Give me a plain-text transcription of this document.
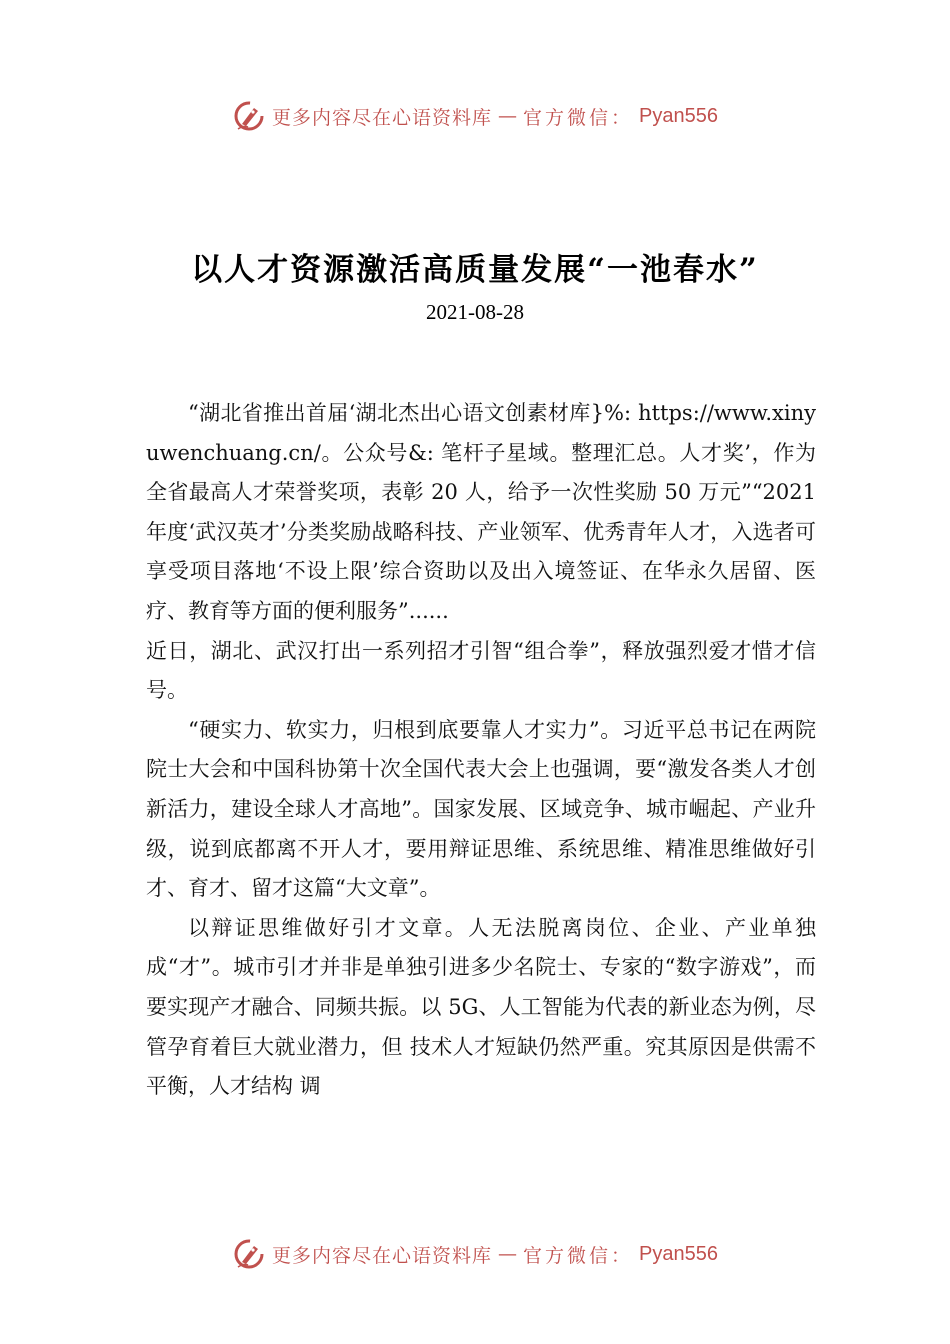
更多内容尽在心语资料库 — 官方微信： Pyan556
以人才资源激活高质量发展“一池春水”
2021-08-28

“湖北省推出首届‘湖北杰出心语文创素材库}%: https://www.xinyuwenchuang.cn/。公众号&: 笔杆子星域。整理汇总。人才奖’，作为全省最高人才荣誉奖项，表彰 20 人，给予一次性奖励 50 万元”“2021年度‘武汉英才’分类奖励战略科技、产业领军、优秀青年人才，入选者可享受项目落地‘不设上限’综合资助以及出入境签证、在华永久居留、医疗、教育等方面的便利服务”......

近日，湖北、武汉打出一系列招才引智“组合拳”，释放强烈爱才惜才信号。

“硬实力、软实力，归根到底要靠人才实力”。习近平总书记在两院院士大会和中国科协第十次全国代表大会上也强调，要“激发各类人才创新活力，建设全球人才高地”。国家发展、区域竞争、城市崛起、产业升级，说到底都离不开人才，要用辩证思维、系统思维、精准思维做好引才、育才、留才这篇“大文章”。

以辩证思维做好引才文章。人无法脱离岗位、企业、产业单独成“才”。城市引才并非是单独引进多少名院士、专家的“数字游戏”，而要实现产才融合、同频共振。以 5G、人工智能为代表的新业态为例，尽管孕育着巨大就业潜力，但 技术人才短缺仍然严重。究其原因是供需不平衡，人才结构 调

更多内容尽在心语资料库 — 官方微信： Pyan556
